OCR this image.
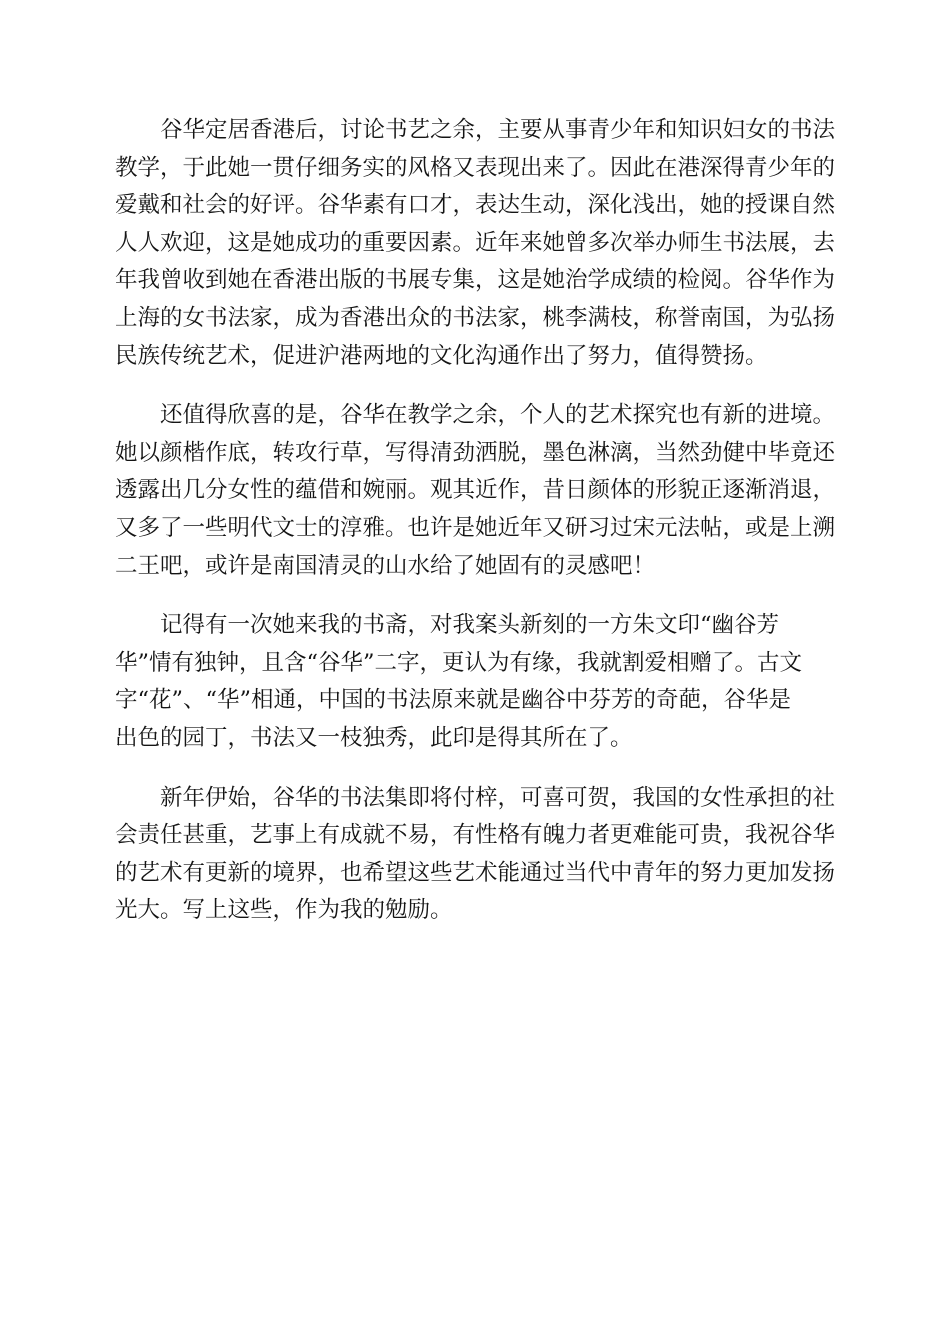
谷华定居香港后，讨论书艺之余，主要从事青少年和知识妇女的书法
教学，于此她一贯仔细务实的风格又表现出来了。因此在港深得青少年的
爱戴和社会的好评。谷华素有口才，表达生动，深化浅出，她的授课自然
人人欢迎，这是她成功的重要因素。近年来她曾多次举办师生书法展，去
年我曾收到她在香港出版的书展专集，这是她治学成绩的检阅。谷华作为
上海的女书法家，成为香港出众的书法家，桃李满枝，称誉南国，为弘扬
民族传统艺术，促进沪港两地的文化沟通作出了努力，值得赞扬。

还值得欣喜的是，谷华在教学之余，个人的艺术探究也有新的进境。
她以颜楷作底，转攻行草，写得清劲洒脱，墨色淋漓，当然劲健中毕竟还
透露出几分女性的蕴借和婉丽。观其近作，昔日颜体的形貌正逐渐消退，
又多了一些明代文士的淳雅。也许是她近年又研习过宋元法帖，或是上溯
二王吧，或许是南国清灵的山水给了她固有的灵感吧！

记得有一次她来我的书斋，对我案头新刻的一方朱文印“幽谷芳
华”情有独钟，且含“谷华”二字，更认为有缘，我就割爱相赠了。古文
字“花”、“华”相通，中国的书法原来就是幽谷中芬芳的奇葩，谷华是
出色的园丁，书法又一枝独秀，此印是得其所在了。

新年伊始，谷华的书法集即将付梓，可喜可贺，我国的女性承担的社
会责任甚重，艺事上有成就不易，有性格有魄力者更难能可贵，我祝谷华
的艺术有更新的境界，也希望这些艺术能通过当代中青年的努力更加发扬
光大。写上这些，作为我的勉励。
